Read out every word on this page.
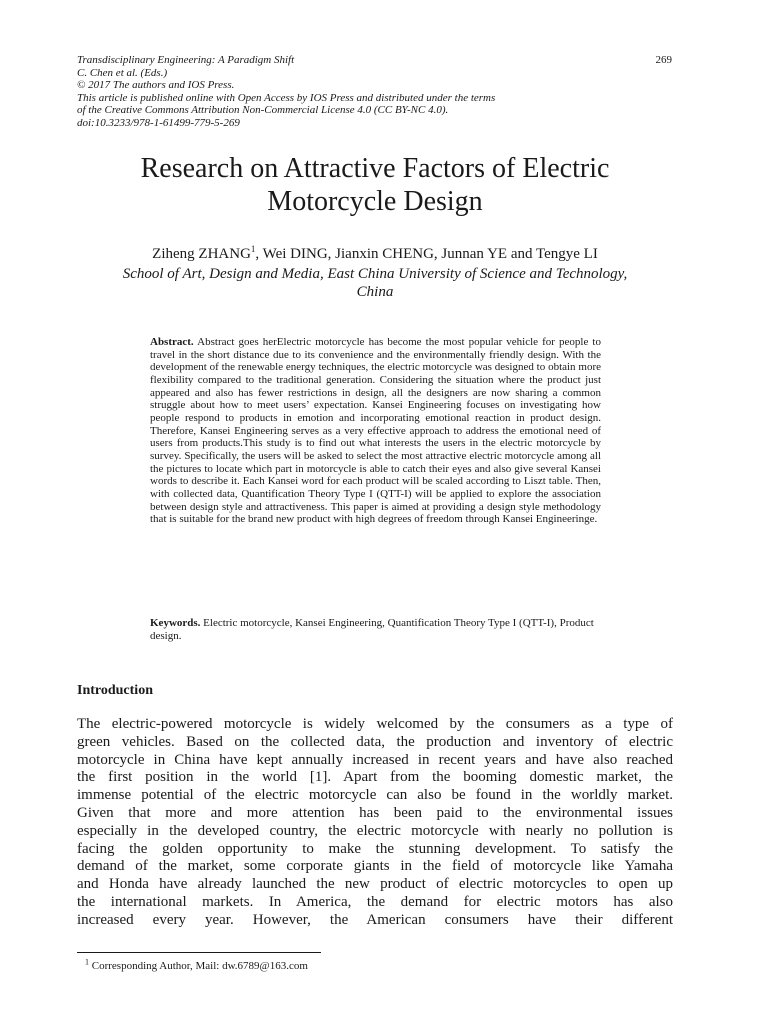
Transdisciplinary Engineering: A Paradigm Shift
C. Chen et al. (Eds.)
© 2017 The authors and IOS Press.
This article is published online with Open Access by IOS Press and distributed under the terms
of the Creative Commons Attribution Non-Commercial License 4.0 (CC BY-NC 4.0).
doi:10.3233/978-1-61499-779-5-269
269
Research on Attractive Factors of Electric
Motorcycle Design
Ziheng ZHANG$^1$, Wei DING, Jianxin CHENG, Junnan YE and Tengye LI
School of Art, Design and Media, East China University of Science and Technology,
China
Abstract. Abstract goes herElectric motorcycle has become the most popular vehicle for people to travel in the short distance due to its convenience and the environmentally friendly design. With the development of the renewable energy techniques, the electric motorcycle was designed to obtain more flexibility compared to the traditional generation. Considering the situation where the product just appeared and also has fewer restrictions in design, all the designers are now sharing a common struggle about how to meet users’ expectation. Kansei Engineering focuses on investigating how people respond to products in emotion and incorporating emotional reaction in product design. Therefore, Kansei Engineering serves as a very effective approach to address the emotional need of users from products.This study is to find out what interests the users in the electric motorcycle by survey. Specifically, the users will be asked to select the most attractive electric motorcycle among all the pictures to locate which part in motorcycle is able to catch their eyes and also give several Kansei words to describe it. Each Kansei word for each product will be scaled according to Liszt table. Then, with collected data, Quantification Theory Type I (QTT-I) will be applied to explore the association between design style and attractiveness. This paper is aimed at providing a design style methodology that is suitable for the brand new product with high degrees of freedom through Kansei Engineeringe.
Keywords. Electric motorcycle, Kansei Engineering, Quantification Theory Type I (QTT-I), Product design.
Introduction
The electric-powered motorcycle is widely welcomed by the consumers as a type of
green vehicles. Based on the collected data, the production and inventory of electric
motorcycle in China have kept annually increased in recent years and have also reached
the first position in the world [1]. Apart from the booming domestic market, the
immense potential of the electric motorcycle can also be found in the worldly market.
Given that more and more attention has been paid to the environmental issues
especially in the developed country, the electric motorcycle with nearly no pollution is
facing the golden opportunity to make the stunning development. To satisfy the
demand of the market, some corporate giants in the field of motorcycle like Yamaha
and Honda have already launched the new product of electric motorcycles to open up
the international markets. In America, the demand for electric motors has also
increased every year. However, the American consumers have their different
$^1$ Corresponding Author, Mail: dw.6789@163.com
